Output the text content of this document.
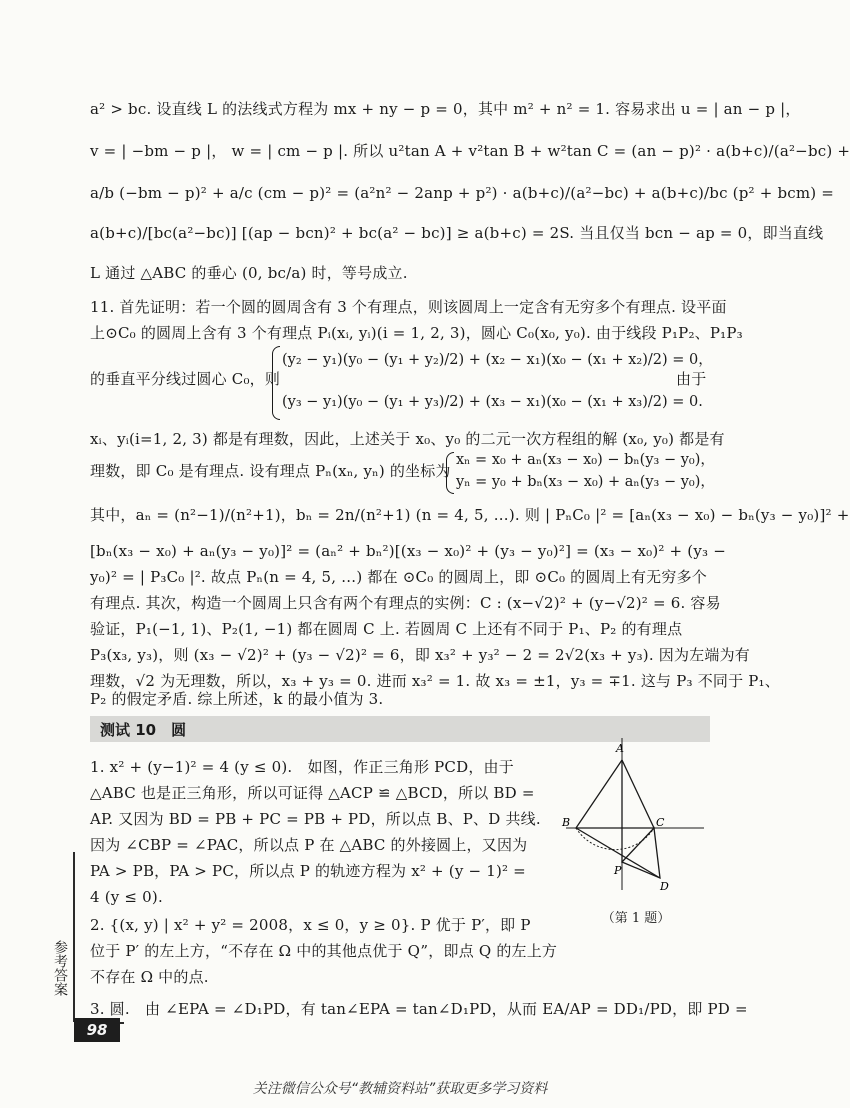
a² > bc. 设直线 L 的法线式方程为 mx + ny − p = 0，其中 m² + n² = 1. 容易求出 u = | an − p |，
v = | −bm − p |， w = | cm − p |. 所以 u²tan A + v²tan B + w²tan C = (an − p)² · a(b+c)/(a²−bc) +
a/b (−bm − p)² + a/c (cm − p)² = (a²n² − 2anp + p²) · a(b+c)/(a²−bc) + a(b+c)/bc (p² + bcm) =
a(b+c)/[bc(a²−bc)] [(ap − bcn)² + bc(a² − bc)] ≥ a(b+c) = 2S. 当且仅当 bcn − ap = 0，即当直线
L 通过 △ABC 的垂心 (0, bc/a) 时，等号成立.
11. 首先证明：若一个圆的圆周含有 3 个有理点，则该圆周上一定含有无穷多个有理点. 设平面
上⊙C₀ 的圆周上含有 3 个有理点 Pᵢ(xᵢ, yᵢ)(i = 1, 2, 3)，圆心 C₀(x₀, y₀). 由于线段 P₁P₂、P₁P₃
的垂直平分线过圆心 C₀，则
(y₂ − y₁)(y₀ − (y₁ + y₂)/2) + (x₂ − x₁)(x₀ − (x₁ + x₂)/2) = 0，
(y₃ − y₁)(y₀ − (y₁ + y₃)/2) + (x₃ − x₁)(x₀ − (x₁ + x₃)/2) = 0.
由于
xᵢ、yᵢ(i=1, 2, 3) 都是有理数，因此，上述关于 x₀、y₀ 的二元一次方程组的解 (x₀, y₀) 都是有
理数，即 C₀ 是有理点. 设有理点 Pₙ(xₙ, yₙ) 的坐标为
xₙ = x₀ + aₙ(x₃ − x₀) − bₙ(y₃ − y₀)，
yₙ = y₀ + bₙ(x₃ − x₀) + aₙ(y₃ − y₀)，
其中，aₙ = (n²−1)/(n²+1)，bₙ = 2n/(n²+1) (n = 4, 5, …). 则 | PₙC₀ |² = [aₙ(x₃ − x₀) − bₙ(y₃ − y₀)]² +
[bₙ(x₃ − x₀) + aₙ(y₃ − y₀)]² = (aₙ² + bₙ²)[(x₃ − x₀)² + (y₃ − y₀)²] = (x₃ − x₀)² + (y₃ −
y₀)² = | P₃C₀ |². 故点 Pₙ(n = 4, 5, …) 都在 ⊙C₀ 的圆周上，即 ⊙C₀ 的圆周上有无穷多个
有理点. 其次，构造一个圆周上只含有两个有理点的实例：C : (x−√2)² + (y−√2)² = 6. 容易
验证，P₁(−1, 1)、P₂(1, −1) 都在圆周 C 上. 若圆周 C 上还有不同于 P₁、P₂ 的有理点
P₃(x₃, y₃)，则 (x₃ − √2)² + (y₃ − √2)² = 6，即 x₃² + y₃² − 2 = 2√2(x₃ + y₃). 因为左端为有
理数，√2 为无理数，所以，x₃ + y₃ = 0. 进而 x₃² = 1. 故 x₃ = ±1，y₃ = ∓1. 这与 P₃ 不同于 P₁、
P₂ 的假定矛盾. 综上所述，k 的最小值为 3.
测试 10　圆
1. x² + (y−1)² = 4 (y ≤ 0).　如图，作正三角形 PCD，由于
△ABC 也是正三角形，所以可证得 △ACP ≌ △BCD，所以 BD =
AP. 又因为 BD = PB + PC = PB + PD，所以点 B、P、D 共线.
因为 ∠CBP = ∠PAC，所以点 P 在 △ABC 的外接圆上，又因为
PA > PB，PA > PC，所以点 P 的轨迹方程为 x² + (y − 1)² =
4 (y ≤ 0).
2. {(x, y) | x² + y² = 2008，x ≤ 0，y ≥ 0}. P 优于 P′，即 P
位于 P′ 的左上方，“不存在 Ω 中的其他点优于 Q”，即点 Q 的左上方
不存在 Ω 中的点.
3. 圆.　由 ∠EPA = ∠D₁PD，有 tan∠EPA = tan∠D₁PD，从而 EA/AP = DD₁/PD，即 PD =
A
B	C
P
D
（第 1 题）
参考答案
98
关注微信公众号“教辅资料站”获取更多学习资料
